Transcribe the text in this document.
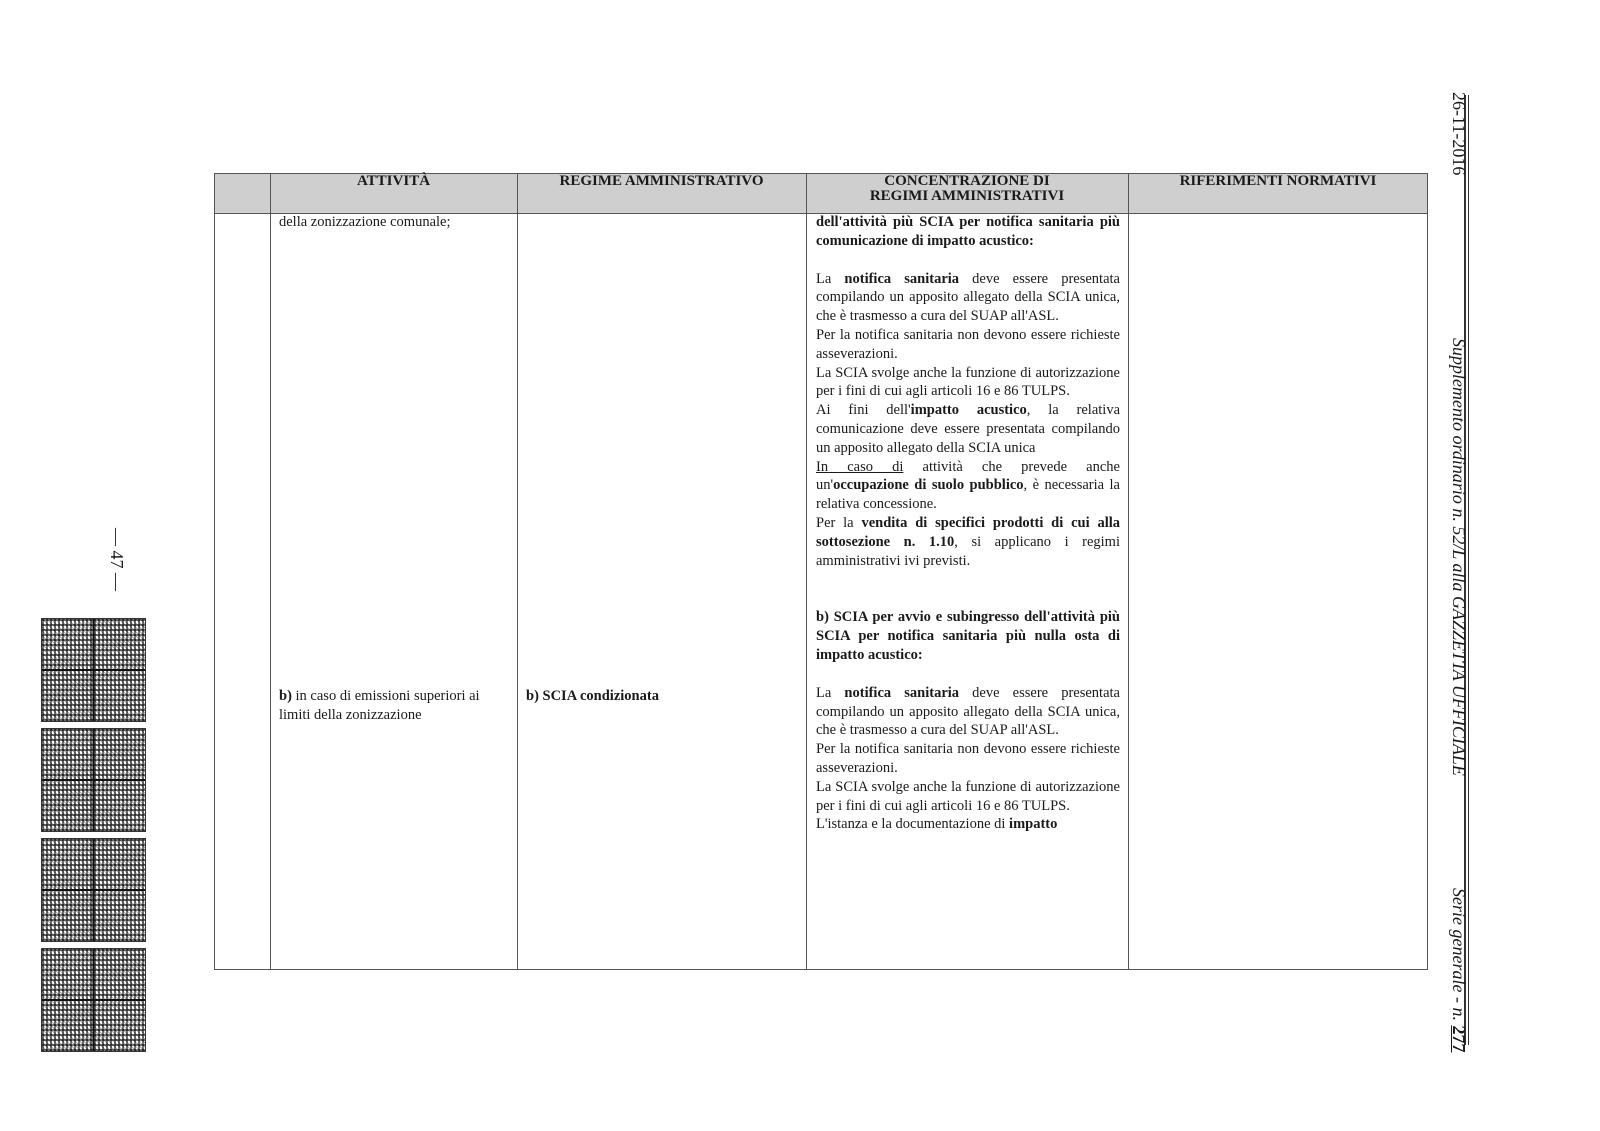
ATTIVITÀ	REGIME AMMINISTRATIVO	CONCENTRAZIONE DI REGIMI AMMINISTRATIVI
RIFERIMENTI NORMATIVI
della zonizzazione comunale;
b) in caso di emissioni superiori ai limiti della zonizzazione
b) SCIA condizionata

dell'attività più SCIA per notifica sanitaria più comunicazione di impatto acustico:

La notifica sanitaria deve essere presentata compilando un apposito allegato della SCIA unica, che è trasmesso a cura del SUAP all'ASL.

Per la notifica sanitaria non devono essere richieste asseverazioni.

La SCIA svolge anche la funzione di autorizzazione per i fini di cui agli articoli 16 e 86 TULPS.

Ai fini dell'impatto acustico, la relativa comunicazione deve essere presentata compilando un apposito allegato della SCIA unica

In caso di attività che prevede anche un'occupazione di suolo pubblico, è necessaria la relativa concessione.

Per la vendita di specifici prodotti di cui alla sottosezione n. 1.10, si applicano i regimi amministrativi ivi previsti.

b) SCIA per avvio e subingresso dell'attività più SCIA per notifica sanitaria più nulla osta di impatto acustico:

La notifica sanitaria deve essere presentata compilando un apposito allegato della SCIA unica, che è trasmesso a cura del SUAP all'ASL.

Per la notifica sanitaria non devono essere richieste asseverazioni.

La SCIA svolge anche la funzione di autorizzazione per i fini di cui agli articoli 16 e 86 TULPS.

L'istanza e la documentazione di impatto

26-11-2016
Supplemento ordinario n. 52/L alla GAZZETTA UFFICIALE
Serie generale - n. 277
— 47 —
